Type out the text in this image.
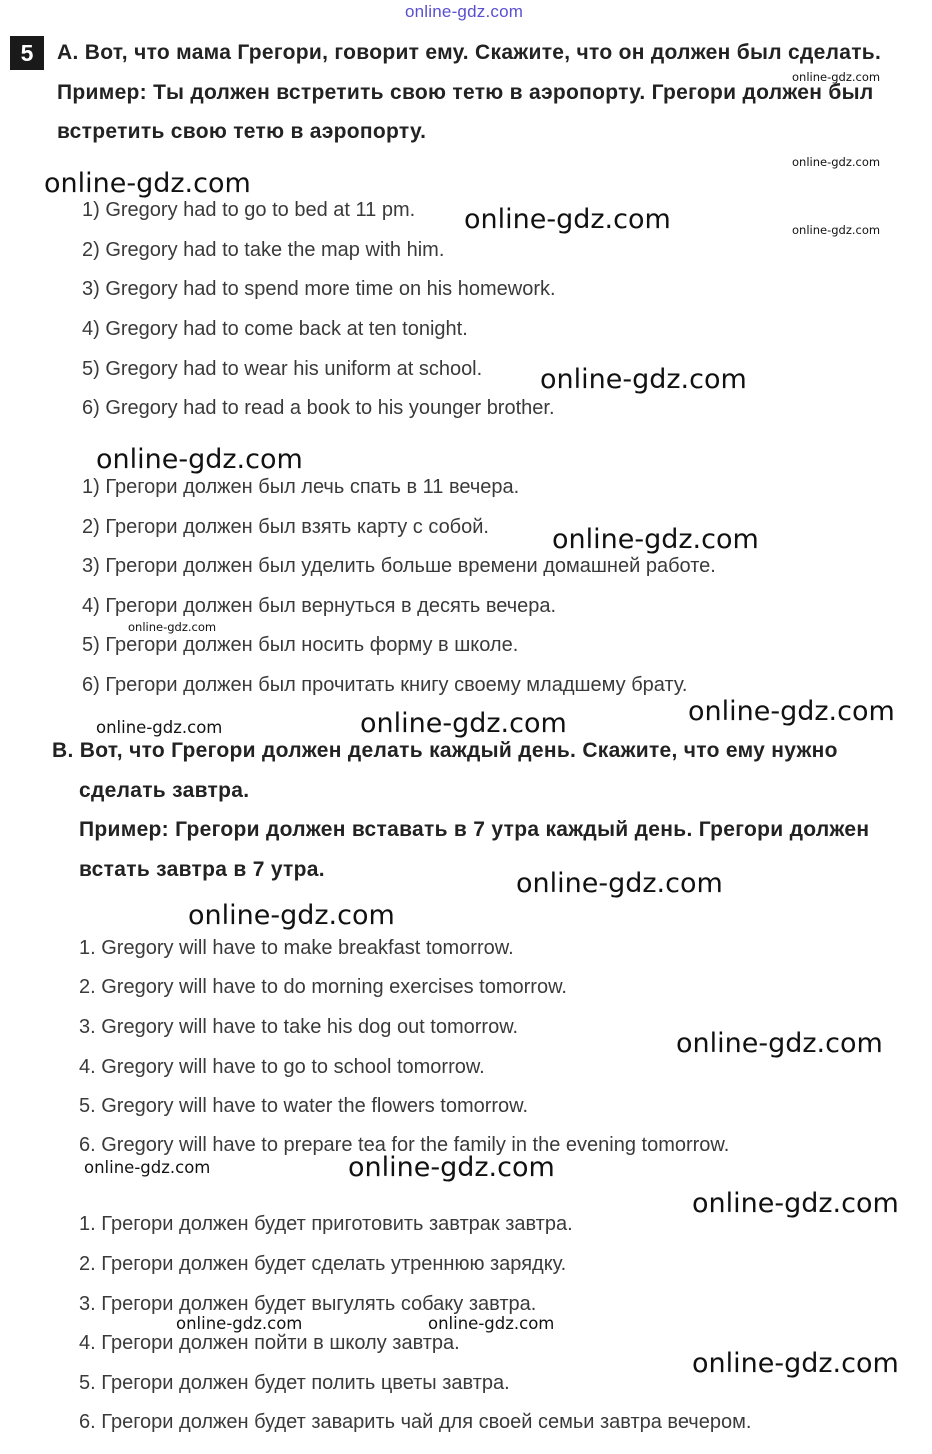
online-gdz.com
5	A. Вот, что мама Грегори, говорит ему. Скажите, что он должен был сделать.
Пример: Ты должен встретить свою тетю в аэропорту. Грегори должен был
встретить свою тетю в аэропорту.
1) Gregory had to go to bed at 11 pm.
2) Gregory had to take the map with him.
3) Gregory had to spend more time on his homework.
4) Gregory had to come back at ten tonight.
5) Gregory had to wear his uniform at school.
6) Gregory had to read a book to his younger brother.
1) Грегори должен был лечь спать в 11 вечера.
2) Грегори должен был взять карту с собой.
3) Грегори должен был уделить больше времени домашней работе.
4) Грегори должен был вернуться в десять вечера.
5) Грегори должен был носить форму в школе.
6) Грегори должен был прочитать книгу своему младшему брату.
B. Вот, что Грегори должен делать каждый день. Скажите, что ему нужно
сделать завтра.
Пример: Грегори должен вставать в 7 утра каждый день. Грегори должен
встать завтра в 7 утра.
1. Gregory will have to make breakfast tomorrow.
2. Gregory will have to do morning exercises tomorrow.
3. Gregory will have to take his dog out tomorrow.
4. Gregory will have to go to school tomorrow.
5. Gregory will have to water the flowers tomorrow.
6. Gregory will have to prepare tea for the family in the evening tomorrow.
1. Грегори должен будет приготовить завтрак завтра.
2. Грегори должен будет сделать утреннюю зарядку.
3. Грегори должен будет выгулять собаку завтра.
4. Грегори должен пойти в школу завтра.
5. Грегори должен будет полить цветы завтра.
6. Грегори должен будет заварить чай для своей семьи завтра вечером.
online-gdz.com
online-gdz.com
online-gdz.com
online-gdz.com
online-gdz.com
online-gdz.com
online-gdz.com
online-gdz.com
online-gdz.com
online-gdz.com	online-gdz.com	online-gdz.com
online-gdz.com
online-gdz.com
online-gdz.com
online-gdz.com	online-gdz.com
online-gdz.com
online-gdz.com	online-gdz.com
online-gdz.com
